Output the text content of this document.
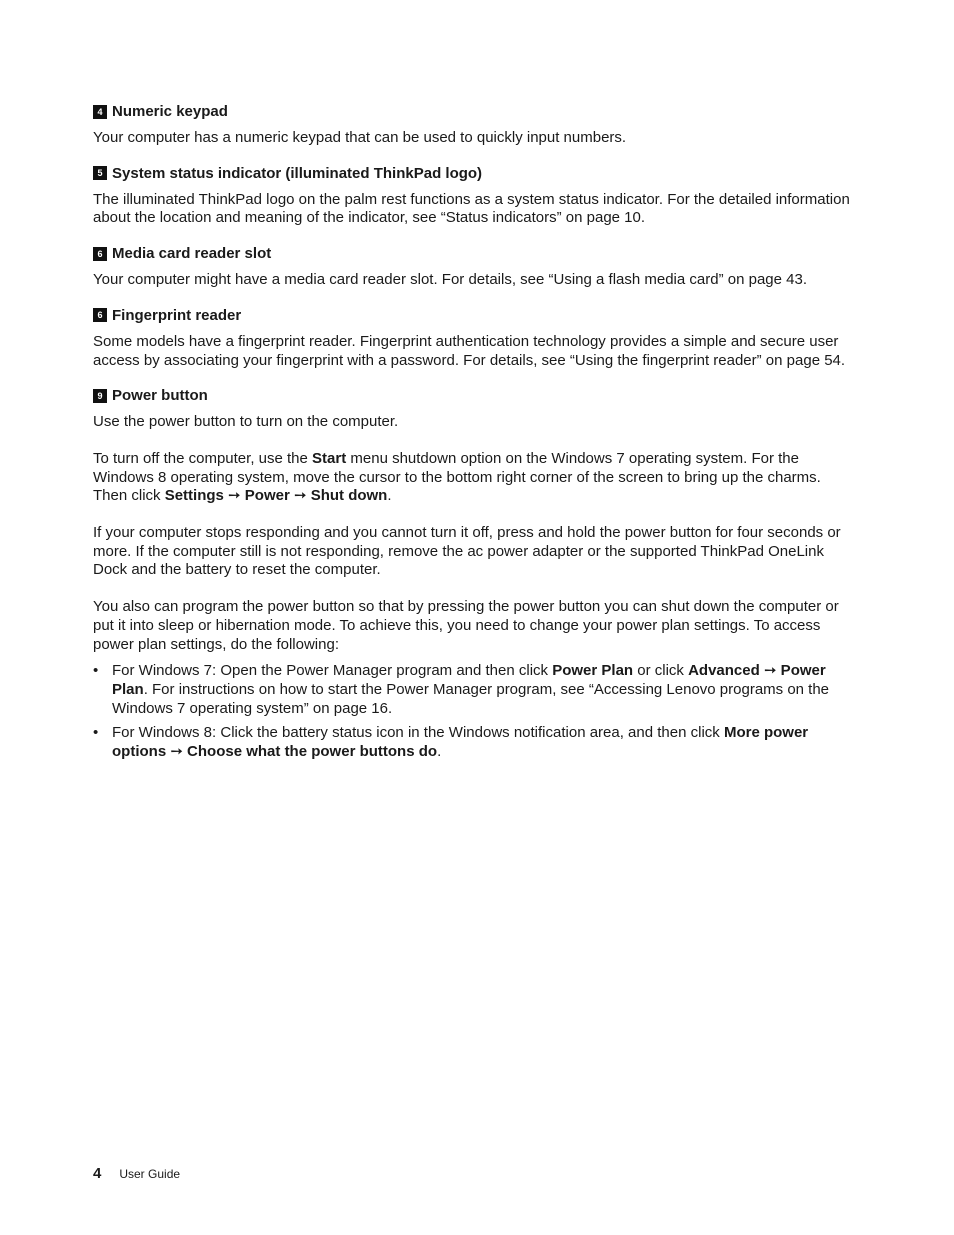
4 Numeric keypad

Your computer has a numeric keypad that can be used to quickly input numbers.

5 System status indicator (illuminated ThinkPad logo)

The illuminated ThinkPad logo on the palm rest functions as a system status indicator. For the detailed information about the location and meaning of the indicator, see “Status indicators” on page 10.

6 Media card reader slot

Your computer might have a media card reader slot. For details, see “Using a flash media card” on page 43.

6 Fingerprint reader

Some models have a fingerprint reader. Fingerprint authentication technology provides a simple and secure user access by associating your fingerprint with a password. For details, see “Using the fingerprint reader” on page 54.

9 Power button

Use the power button to turn on the computer.

To turn off the computer, use the Start menu shutdown option on the Windows 7 operating system. For the Windows 8 operating system, move the cursor to the bottom right corner of the screen to bring up the charms. Then click Settings ➙ Power ➙ Shut down.

If your computer stops responding and you cannot turn it off, press and hold the power button for four seconds or more. If the computer still is not responding, remove the ac power adapter or the supported ThinkPad OneLink Dock and the battery to reset the computer.

You also can program the power button so that by pressing the power button you can shut down the computer or put it into sleep or hibernation mode. To achieve this, you need to change your power plan settings. To access power plan settings, do the following:

• For Windows 7: Open the Power Manager program and then click Power Plan or click Advanced ➙ Power Plan. For instructions on how to start the Power Manager program, see “Accessing Lenovo programs on the Windows 7 operating system” on page 16.
• For Windows 8: Click the battery status icon in the Windows notification area, and then click More power options ➙ Choose what the power buttons do.
4 User Guide
